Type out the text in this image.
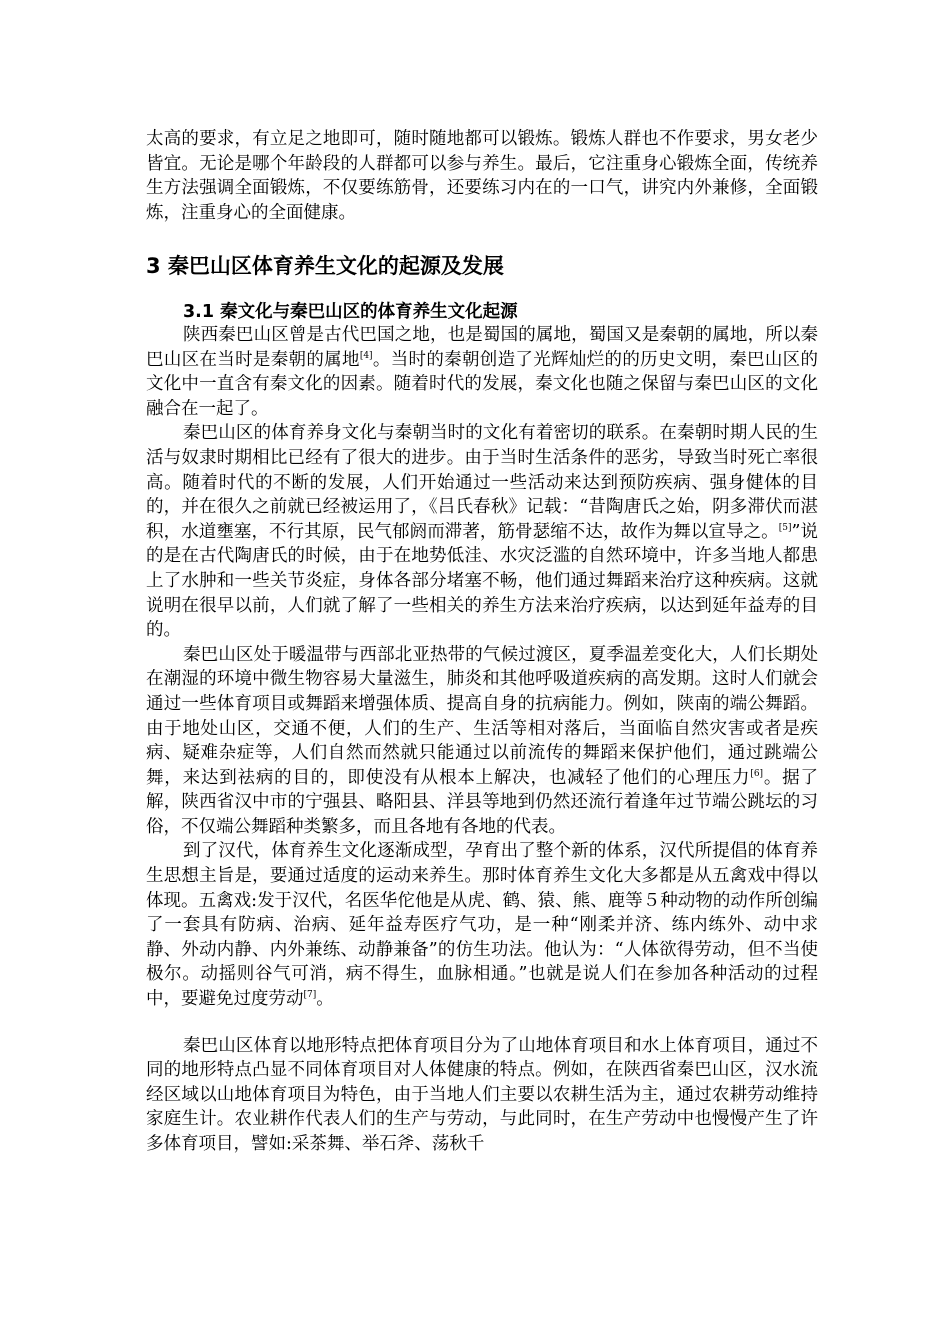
太高的要求，有立足之地即可，随时随地都可以锻炼。锻炼人群也不作要求，男女老少皆宜。无论是哪个年龄段的人群都可以参与养生。最后，它注重身心锻炼全面，传统养生方法强调全面锻炼，不仅要练筋骨，还要练习内在的一口气，讲究内外兼修，全面锻炼，注重身心的全面健康。
3 秦巴山区体育养生文化的起源及发展
3.1 秦文化与秦巴山区的体育养生文化起源

陕西秦巴山区曾是古代巴国之地，也是蜀国的属地，蜀国又是秦朝的属地，所以秦巴山区在当时是秦朝的属地[4]。当时的秦朝创造了光辉灿烂的的历史文明，秦巴山区的文化中一直含有秦文化的因素。随着时代的发展，秦文化也随之保留与秦巴山区的文化融合在一起了。

秦巴山区的体育养身文化与秦朝当时的文化有着密切的联系。在秦朝时期人民的生活与奴隶时期相比已经有了很大的进步。由于当时生活条件的恶劣，导致当时死亡率很高。随着时代的不断的发展，人们开始通过一些活动来达到预防疾病、强身健体的目的，并在很久之前就已经被运用了，《吕氏春秋》记载：“昔陶唐氏之始，阴多滞伏而湛积，水道壅塞，不行其原，民气郁阏而滞著，筋骨瑟缩不达，故作为舞以宣导之。[5]”说的是在古代陶唐氏的时候，由于在地势低洼、水灾泛滥的自然环境中，许多当地人都患上了水肿和一些关节炎症，身体各部分堵塞不畅，他们通过舞蹈来治疗这种疾病。这就说明在很早以前，人们就了解了一些相关的养生方法来治疗疾病，以达到延年益寿的目的。

秦巴山区处于暖温带与西部北亚热带的气候过渡区，夏季温差变化大，人们长期处在潮湿的环境中微生物容易大量滋生，肺炎和其他呼吸道疾病的高发期。这时人们就会通过一些体育项目或舞蹈来增强体质、提高自身的抗病能力。例如，陕南的端公舞蹈。由于地处山区，交通不便，人们的生产、生活等相对落后，当面临自然灾害或者是疾病、疑难杂症等，人们自然而然就只能通过以前流传的舞蹈来保护他们，通过跳端公舞，来达到祛病的目的，即使没有从根本上解决，也减轻了他们的心理压力[6]。据了解，陕西省汉中市的宁强县、略阳县、洋县等地到仍然还流行着逢年过节端公跳坛的习俗，不仅端公舞蹈种类繁多，而且各地有各地的代表。

到了汉代，体育养生文化逐渐成型，孕育出了整个新的体系，汉代所提倡的体育养生思想主旨是，要通过适度的运动来养生。那时体育养生文化大多都是从五禽戏中得以体现。五禽戏:发于汉代，名医华佗他是从虎、鹤、猿、熊、鹿等５种动物的动作所创编了一套具有防病、治病、延年益寿医疗气功，是一种“刚柔并济、练内练外、动中求静、外动内静、内外兼练、动静兼备”的仿生功法。他认为：“人体欲得劳动，但不当使极尔。动摇则谷气可消，病不得生，血脉相通。”也就是说人们在参加各种活动的过程中，要避免过度劳动[7]。

秦巴山区体育以地形特点把体育项目分为了山地体育项目和水上体育项目，通过不同的地形特点凸显不同体育项目对人体健康的特点。例如，在陕西省秦巴山区，汉水流经区域以山地体育项目为特色，由于当地人们主要以农耕生活为主，通过农耕劳动维持家庭生计。农业耕作代表人们的生产与劳动，与此同时，在生产劳动中也慢慢产生了许多体育项目，譬如:采茶舞、举石斧、荡秋千
